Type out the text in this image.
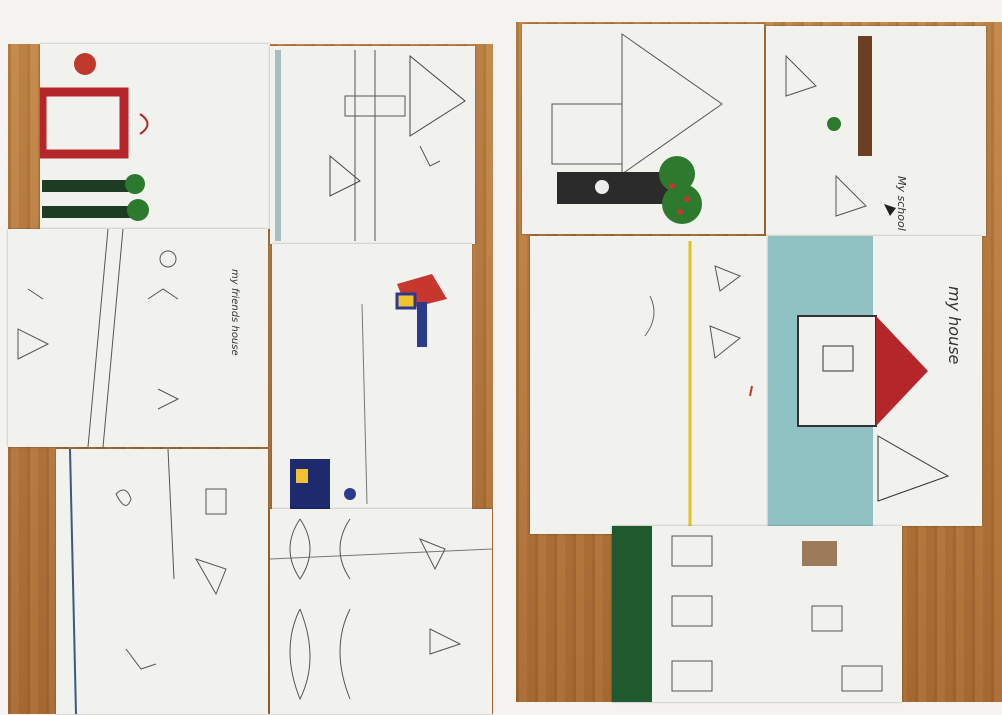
my friends house
My school
my house
